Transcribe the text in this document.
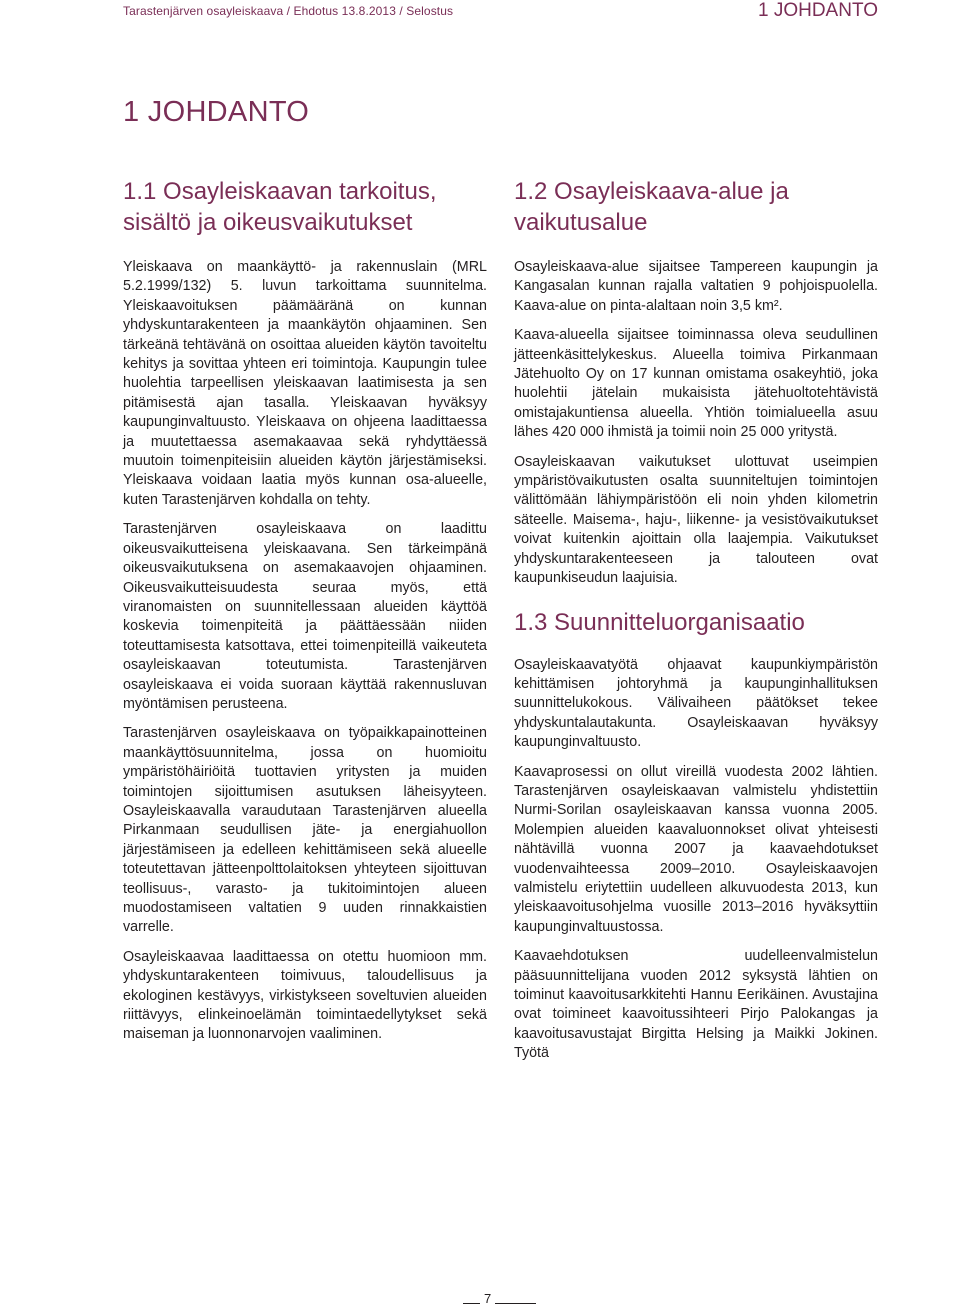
Tarastenjärven osayleiskaava / Ehdotus 13.8.2013 / Selostus	1 JOHDANTO
1 JOHDANTO
1.1 Osayleiskaavan tarkoitus, sisältö ja oikeusvaikutukset

Yleiskaava on maankäyttö- ja rakennuslain (MRL 5.2.1999/132) 5. luvun tarkoittama suunnitelma. Yleiskaavoituksen päämääränä on kunnan yhdyskuntarakenteen ja maankäytön ohjaaminen. Sen tärkeänä tehtävänä on osoittaa alueiden käytön tavoiteltu kehitys ja sovittaa yhteen eri toimintoja. Kaupungin tulee huolehtia tarpeellisen yleiskaavan laatimisesta ja sen pitämisestä ajan tasalla. Yleiskaavan hyväksyy kaupunginvaltuusto. Yleiskaava on ohjeena laadittaessa ja muutettaessa asemakaavaa sekä ryhdyttäessä muutoin toimenpiteisiin alueiden käytön järjestämiseksi. Yleiskaava voidaan laatia myös kunnan osa-alueelle, kuten Tarastenjärven kohdalla on tehty.

Tarastenjärven osayleiskaava on laadittu oikeusvaikutteisena yleiskaavana. Sen tärkeimpänä oikeusvaikutuksena on asemakaavojen ohjaaminen. Oikeusvaikutteisuudesta seuraa myös, että viranomaisten on suunnitellessaan alueiden käyttöä koskevia toimenpiteitä ja päättäessään niiden toteuttamisesta katsottava, ettei toimenpiteillä vaikeuteta osayleiskaavan toteutumista. Tarastenjärven osayleiskaava ei voida suoraan käyttää rakennusluvan myöntämisen perusteena.

Tarastenjärven osayleiskaava on työpaikkapainotteinen maankäyttösuunnitelma, jossa on huomioitu ympäristöhäiriöitä tuottavien yritysten ja muiden toimintojen sijoittumisen asutuksen läheisyyteen. Osayleiskaavalla varaudutaan Tarastenjärven alueella Pirkanmaan seudullisen jäte- ja energiahuollon järjestämiseen ja edelleen kehittämiseen sekä alueelle toteutettavan jätteenpolttolaitoksen yhteyteen sijoittuvan teollisuus-, varasto- ja tukitoimintojen alueen muodostamiseen valtatien 9 uuden rinnakkaistien varrelle.

Osayleiskaavaa laadittaessa on otettu huomioon mm. yhdyskuntarakenteen toimivuus, taloudellisuus ja ekologinen kestävyys, virkistykseen soveltuvien alueiden riittävyys, elinkeinoelämän toimintaedellytykset sekä maiseman ja luonnonarvojen vaaliminen.

1.2 Osayleiskaava-alue ja vaikutusalue

Osayleiskaava-alue sijaitsee Tampereen kaupungin ja Kangasalan kunnan rajalla valtatien 9 pohjoispuolella. Kaava-alue on pinta-alaltaan noin 3,5 km².

Kaava-alueella sijaitsee toiminnassa oleva seudullinen jätteenkäsittelykeskus. Alueella toimiva Pirkanmaan Jätehuolto Oy on 17 kunnan omistama osakeyhtiö, joka huolehtii jätelain mukaisista jätehuoltotehtävistä omistajakuntiensa alueella. Yhtiön toimialueella asuu lähes 420 000 ihmistä ja toimii noin 25 000 yritystä.

Osayleiskaavan vaikutukset ulottuvat useimpien ympäristövaikutusten osalta suunniteltujen toimintojen välittömään lähiympäristöön eli noin yhden kilometrin säteelle. Maisema-, haju-, liikenne- ja vesistövaikutukset voivat kuitenkin ajoittain olla laajempia. Vaikutukset yhdyskuntarakenteeseen ja talouteen ovat kaupunkiseudun laajuisia.

1.3 Suunnitteluorganisaatio

Osayleiskaavatyötä ohjaavat kaupunkiympäristön kehittämisen johtoryhmä ja kaupunginhallituksen suunnittelukokous. Välivaiheen päätökset tekee yhdyskuntalautakunta. Osayleiskaavan hyväksyy kaupunginvaltuusto.

Kaavaprosessi on ollut vireillä vuodesta 2002 lähtien. Tarastenjärven osayleiskaavan valmistelu yhdistettiin Nurmi-Sorilan osayleiskaavan kanssa vuonna 2005. Molempien alueiden kaavaluonnokset olivat yhteisesti nähtävillä vuonna 2007 ja kaavaehdotukset vuodenvaihteessa 2009–2010. Osayleiskaavojen valmistelu eriytettiin uudelleen alkuvuodesta 2013, kun yleiskaavoitusohjelma vuosille 2013–2016 hyväksyttiin kaupunginvaltuustossa.

Kaavaehdotuksen uudelleenvalmistelun pääsuunnittelijana vuoden 2012 syksystä lähtien on toiminut kaavoitusarkkitehti Hannu Eerikäinen. Avustajina ovat toimineet kaavoitussihteeri Pirjo Palokangas ja kaavoitusavustajat Birgitta Helsing ja Maikki Jokinen. Työtä

7
